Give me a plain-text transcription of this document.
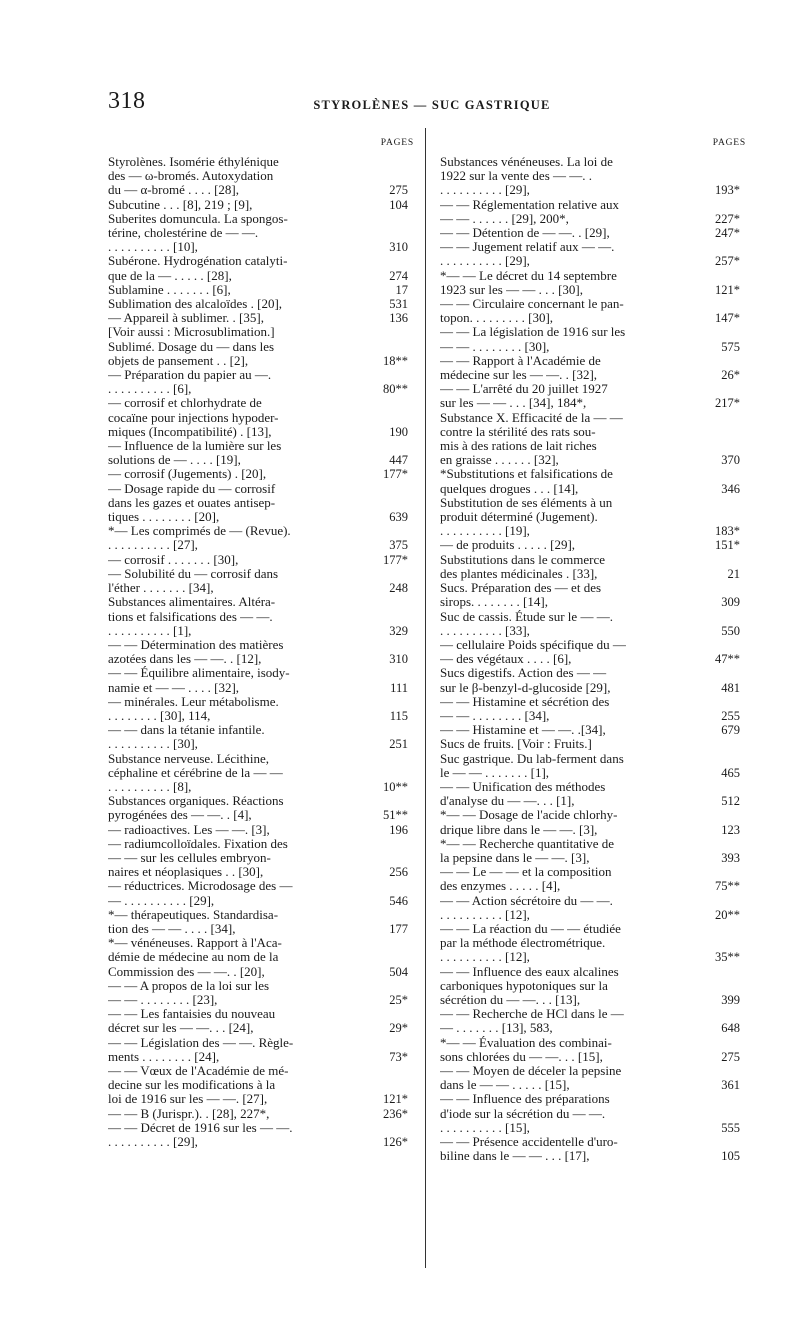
318	STYROLÈNES — SUC GASTRIQUE
PAGES
Styrolènes. Isomérie éthylénique
des — ω-bromés. Autoxydation
du — α-bromé . . . . [28],	275
Subcutine . . . [8], 219 ; [9],	104
Suberites domuncula. La spongos-
térine, cholestérine de — —.
. . . . . . . . . . [10],	310
Subérone. Hydrogénation catalyti-
que de la — . . . . . [28],	274
Sublamine . . . . . . . [6],	17
Sublimation des alcaloïdes . [20],	531
— Appareil à sublimer. . [35],	136
[Voir aussi : Microsublimation.]
Sublimé. Dosage du — dans les
objets de pansement . . [2],	18**
— Préparation du papier au —.
. . . . . . . . . . [6],	80**
— corrosif et chlorhydrate de
cocaïne pour injections hypoder-
miques (Incompatibilité) . [13],	190
— Influence de la lumière sur les
solutions de — . . . . [19],	447
— corrosif (Jugements) . [20],	177*
— Dosage rapide du — corrosif
dans les gazes et ouates antisep-
tiques . . . . . . . . [20],	639
*— Les comprimés de — (Revue).
. . . . . . . . . . [27],	375
— corrosif . . . . . . . [30],	177*
— Solubilité du — corrosif dans
l'éther . . . . . . . [34],	248
Substances alimentaires. Altéra-
tions et falsifications des — —.
. . . . . . . . . . [1],	329
— — Détermination des matières
azotées dans les — —. . [12],	310
— — Équilibre alimentaire, isody-
namie et — — . . . . [32],	111
— minérales. Leur métabolisme.
. . . . . . . . [30], 114,	115
— — dans la tétanie infantile.
. . . . . . . . . . [30],	251
Substance nerveuse. Lécithine,
céphaline et cérébrine de la — —
. . . . . . . . . . [8],	10**
Substances organiques. Réactions
pyrogénées des — —. . [4],	51**
— radioactives. Les — —. [3],	196
— radiumcolloïdales. Fixation des
— — sur les cellules embryon-
naires et néoplasiques . . [30],	256
— réductrices. Microdosage des —
— . . . . . . . . . . [29],	546
*— thérapeutiques. Standardisa-
tion des — — . . . . [34],	177
*— vénéneuses. Rapport à l'Aca-
démie de médecine au nom de la
Commission des — —. . [20],	504
— — A propos de la loi sur les
— — . . . . . . . . [23],	25*
— — Les fantaisies du nouveau
décret sur les — —. . . [24],	29*
— — Législation des — —. Règle-
ments . . . . . . . . [24],	73*
— — Vœux de l'Académie de mé-
decine sur les modifications à la
loi de 1916 sur les — —. [27],	121*
— — B (Jurispr.). . [28], 227*,	236*
— — Décret de 1916 sur les — —.
. . . . . . . . . . [29],	126*
PAGES
Substances vénéneuses. La loi de
1922 sur la vente des — —. .
. . . . . . . . . . [29],	193*
— — Réglementation relative aux
— — . . . . . . [29], 200*,	227*
— — Détention de — —. . [29],	247*
— — Jugement relatif aux — —.
. . . . . . . . . . [29],	257*
*— — Le décret du 14 septembre
1923 sur les — — . . . [30],	121*
— — Circulaire concernant le pan-
topon. . . . . . . . . [30],	147*
— — La législation de 1916 sur les
— — . . . . . . . . [30],	575
— — Rapport à l'Académie de
médecine sur les — —. . [32],	26*
— — L'arrêté du 20 juillet 1927
sur les — — . . . [34], 184*,	217*
Substance X. Efficacité de la — —
contre la stérilité des rats sou-
mis à des rations de lait riches
en graisse . . . . . . [32],	370
*Substitutions et falsifications de
quelques drogues . . . [14],	346
Substitution de ses éléments à un
produit déterminé (Jugement).
. . . . . . . . . . [19],	183*
— de produits . . . . . [29],	151*
Substitutions dans le commerce
des plantes médicinales . [33],	21
Sucs. Préparation des — et des
sirops. . . . . . . . [14],	309
Suc de cassis. Étude sur le — —.
. . . . . . . . . . [33],	550
— cellulaire Poids spécifique du —
— des végétaux . . . . [6],	47**
Sucs digestifs. Action des — —
sur le β-benzyl-d-glucoside [29],	481
— — Histamine et sécrétion des
— — . . . . . . . . [34],	255
— — Histamine et — —. .[34],	679
Sucs de fruits. [Voir : Fruits.]
Suc gastrique. Du lab-ferment dans
le — — . . . . . . . [1],	465
— — Unification des méthodes
d'analyse du — —. . . [1],	512
*— — Dosage de l'acide chlorhy-
drique libre dans le — —. [3],	123
*— — Recherche quantitative de
la pepsine dans le — —. [3],	393
— — Le — — et la composition
des enzymes . . . . . [4],	75**
— — Action sécrétoire du — —.
. . . . . . . . . . [12],	20**
— — La réaction du — — étudiée
par la méthode électrométrique.
. . . . . . . . . . [12],	35**
— — Influence des eaux alcalines
carboniques hypotoniques sur la
sécrétion du — —. . . [13],	399
— — Recherche de HCl dans le —
— . . . . . . . [13], 583,	648
*— — Évaluation des combinai-
sons chlorées du — —. . . [15],	275
— — Moyen de déceler la pepsine
dans le — — . . . . . [15],	361
— — Influence des préparations
d'iode sur la sécrétion du — —.
. . . . . . . . . . [15],	555
— — Présence accidentelle d'uro-
biline dans le — — . . . [17],	105
